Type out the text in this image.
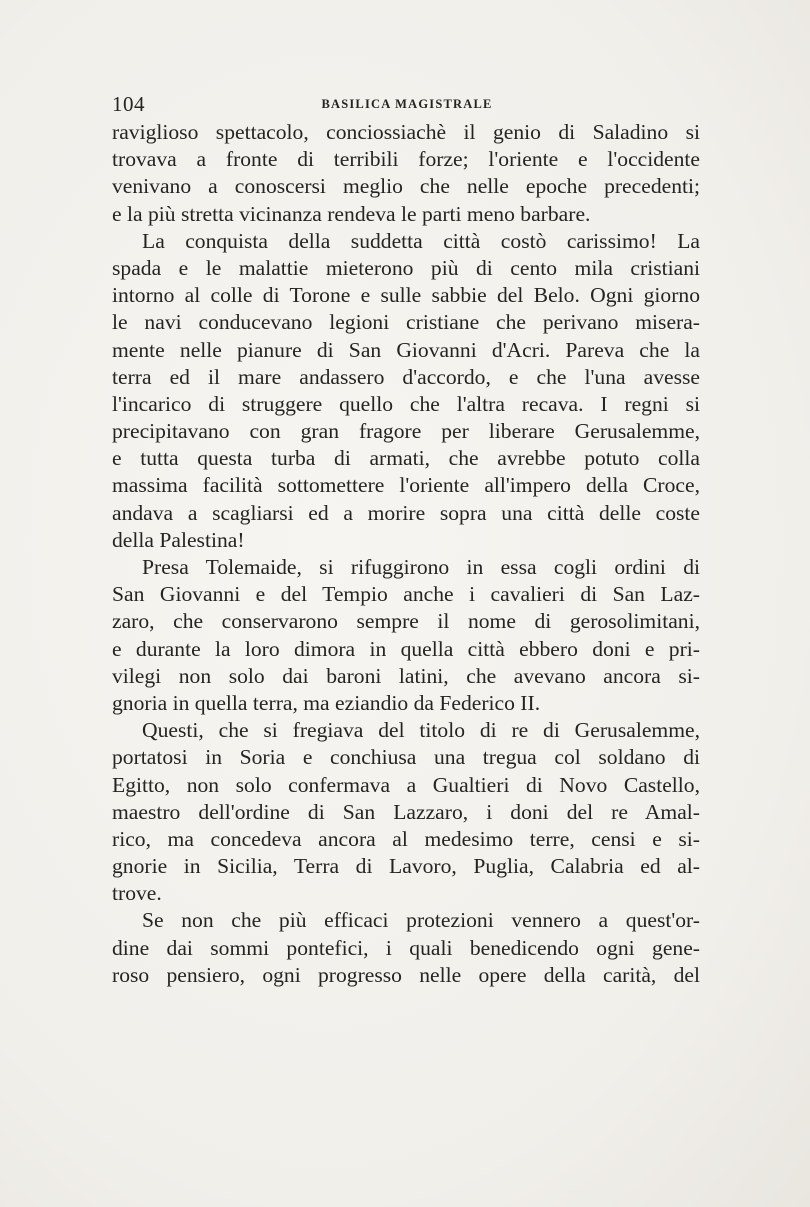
104	BASILICA MAGISTRALE
raviglioso spettacolo, conciossiachè il genio di Saladino si
trovava a fronte di terribili forze; l'oriente e l'occidente
venivano a conoscersi meglio che nelle epoche precedenti;
e la più stretta vicinanza rendeva le parti meno barbare.
La conquista della suddetta città costò carissimo! La
spada e le malattie mieterono più di cento mila cristiani
intorno al colle di Torone e sulle sabbie del Belo. Ogni giorno
le navi conducevano legioni cristiane che perivano misera-
mente nelle pianure di San Giovanni d'Acri. Pareva che la
terra ed il mare andassero d'accordo, e che l'una avesse
l'incarico di struggere quello che l'altra recava. I regni si
precipitavano con gran fragore per liberare Gerusalemme,
e tutta questa turba di armati, che avrebbe potuto colla
massima facilità sottomettere l'oriente all'impero della Croce,
andava a scagliarsi ed a morire sopra una città delle coste
della Palestina!
Presa Tolemaide, si rifuggirono in essa cogli ordini di
San Giovanni e del Tempio anche i cavalieri di San Laz-
zaro, che conservarono sempre il nome di gerosolimitani,
e durante la loro dimora in quella città ebbero doni e pri-
vilegi non solo dai baroni latini, che avevano ancora si-
gnoria in quella terra, ma eziandio da Federico II.
Questi, che si fregiava del titolo di re di Gerusalemme,
portatosi in Soria e conchiusa una tregua col soldano di
Egitto, non solo confermava a Gualtieri di Novo Castello,
maestro dell'ordine di San Lazzaro, i doni del re Amal-
rico, ma concedeva ancora al medesimo terre, censi e si-
gnorie in Sicilia, Terra di Lavoro, Puglia, Calabria ed al-
trove.
Se non che più efficaci protezioni vennero a quest'or-
dine dai sommi pontefici, i quali benedicendo ogni gene-
roso pensiero, ogni progresso nelle opere della carità, del
